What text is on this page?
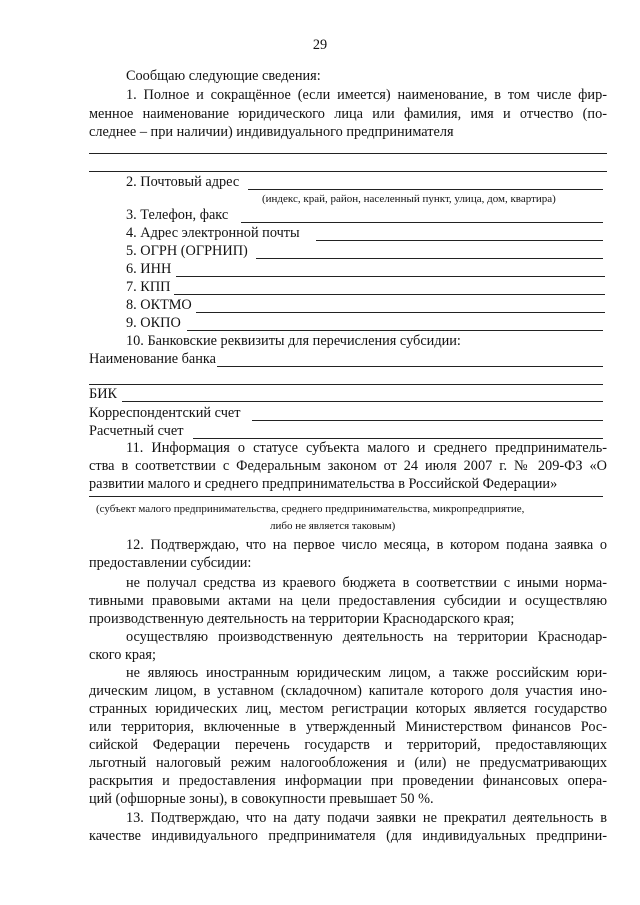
29
Сообщаю следующие сведения:
1. Полное и сокращённое (если имеется) наименование, в том числе фир-
менное наименование юридического лица или фамилия, имя и отчество (по-
следнее – при наличии) индивидуального предпринимателя
2. Почтовый адрес
(индекс, край, район, населенный пункт, улица, дом, квартира)
3. Телефон, факс
4. Адрес электронной почты
5. ОГРН (ОГРНИП)
6. ИНН
7. КПП
8. ОКТМО
9. ОКПО
10. Банковские реквизиты для перечисления субсидии:
Наименование банка
БИК
Корреспондентский счет
Расчетный счет
11. Информация о статусе субъекта малого и среднего предприниматель-
ства в соответствии с Федеральным законом от 24 июля 2007 г. № 209-ФЗ «О
развитии малого и среднего предпринимательства в Российской Федерации»
(субъект малого предпринимательства, среднего предпринимательства, микропредприятие,
либо не является таковым)
12. Подтверждаю, что на первое число месяца, в котором подана заявка о
предоставлении субсидии:
не получал средства из краевого бюджета в соответствии с иными норма-
тивными правовыми актами на цели предоставления субсидии и осуществляю
производственную деятельность на территории Краснодарского края;
осуществляю производственную деятельность на территории Краснодар-
ского края;
не являюсь иностранным юридическим лицом, а также российским юри-
дическим лицом, в уставном (складочном) капитале которого доля участия ино-
странных юридических лиц, местом регистрации которых является государство
или территория, включенные в утвержденный Министерством финансов Рос-
сийской Федерации перечень государств и территорий, предоставляющих
льготный налоговый режим налогообложения и (или) не предусматривающих
раскрытия и предоставления информации при проведении финансовых опера-
ций (офшорные зоны), в совокупности превышает 50 %.
13. Подтверждаю, что на дату подачи заявки не прекратил деятельность в
качестве индивидуального предпринимателя (для индивидуальных предприни-
